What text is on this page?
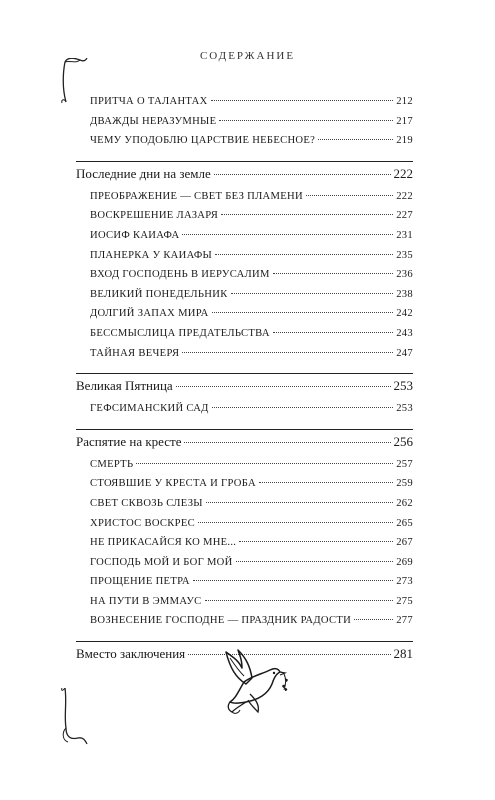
СОДЕРЖАНИЕ
ПРИТЧА О ТАЛАНТАХ	212
ДВАЖДЫ НЕРАЗУМНЫЕ	217
ЧЕМУ УПОДОБЛЮ ЦАРСТВИЕ НЕБЕСНОЕ?	219
Последние дни на земле	222
ПРЕОБРАЖЕНИЕ — СВЕТ БЕЗ ПЛАМЕНИ	222
ВОСКРЕШЕНИЕ ЛАЗАРЯ	227
ИОСИФ КАИАФА	231
ПЛАНЕРКА У КАИАФЫ	235
ВХОД ГОСПОДЕНЬ В ИЕРУСАЛИМ	236
ВЕЛИКИЙ ПОНЕДЕЛЬНИК	238
ДОЛГИЙ ЗАПАХ МИРА	242
БЕССМЫСЛИЦА ПРЕДАТЕЛЬСТВА	243
ТАЙНАЯ ВЕЧЕРЯ	247
Великая Пятница	253
ГЕФСИМАНСКИЙ САД	253
Распятие на кресте	256
СМЕРТЬ	257
СТОЯВШИЕ У КРЕСТА И ГРОБА	259
СВЕТ СКВОЗЬ СЛЕЗЫ	262
ХРИСТОС ВОСКРЕС	265
НЕ ПРИКАСАЙСЯ КО МНЕ...	267
ГОСПОДЬ МОЙ И БОГ МОЙ	269
ПРОЩЕНИЕ ПЕТРА	273
НА ПУТИ В ЭММАУС	275
ВОЗНЕСЕНИЕ ГОСПОДНЕ — ПРАЗДНИК РАДОСТИ	277
Вместо заключения	281
